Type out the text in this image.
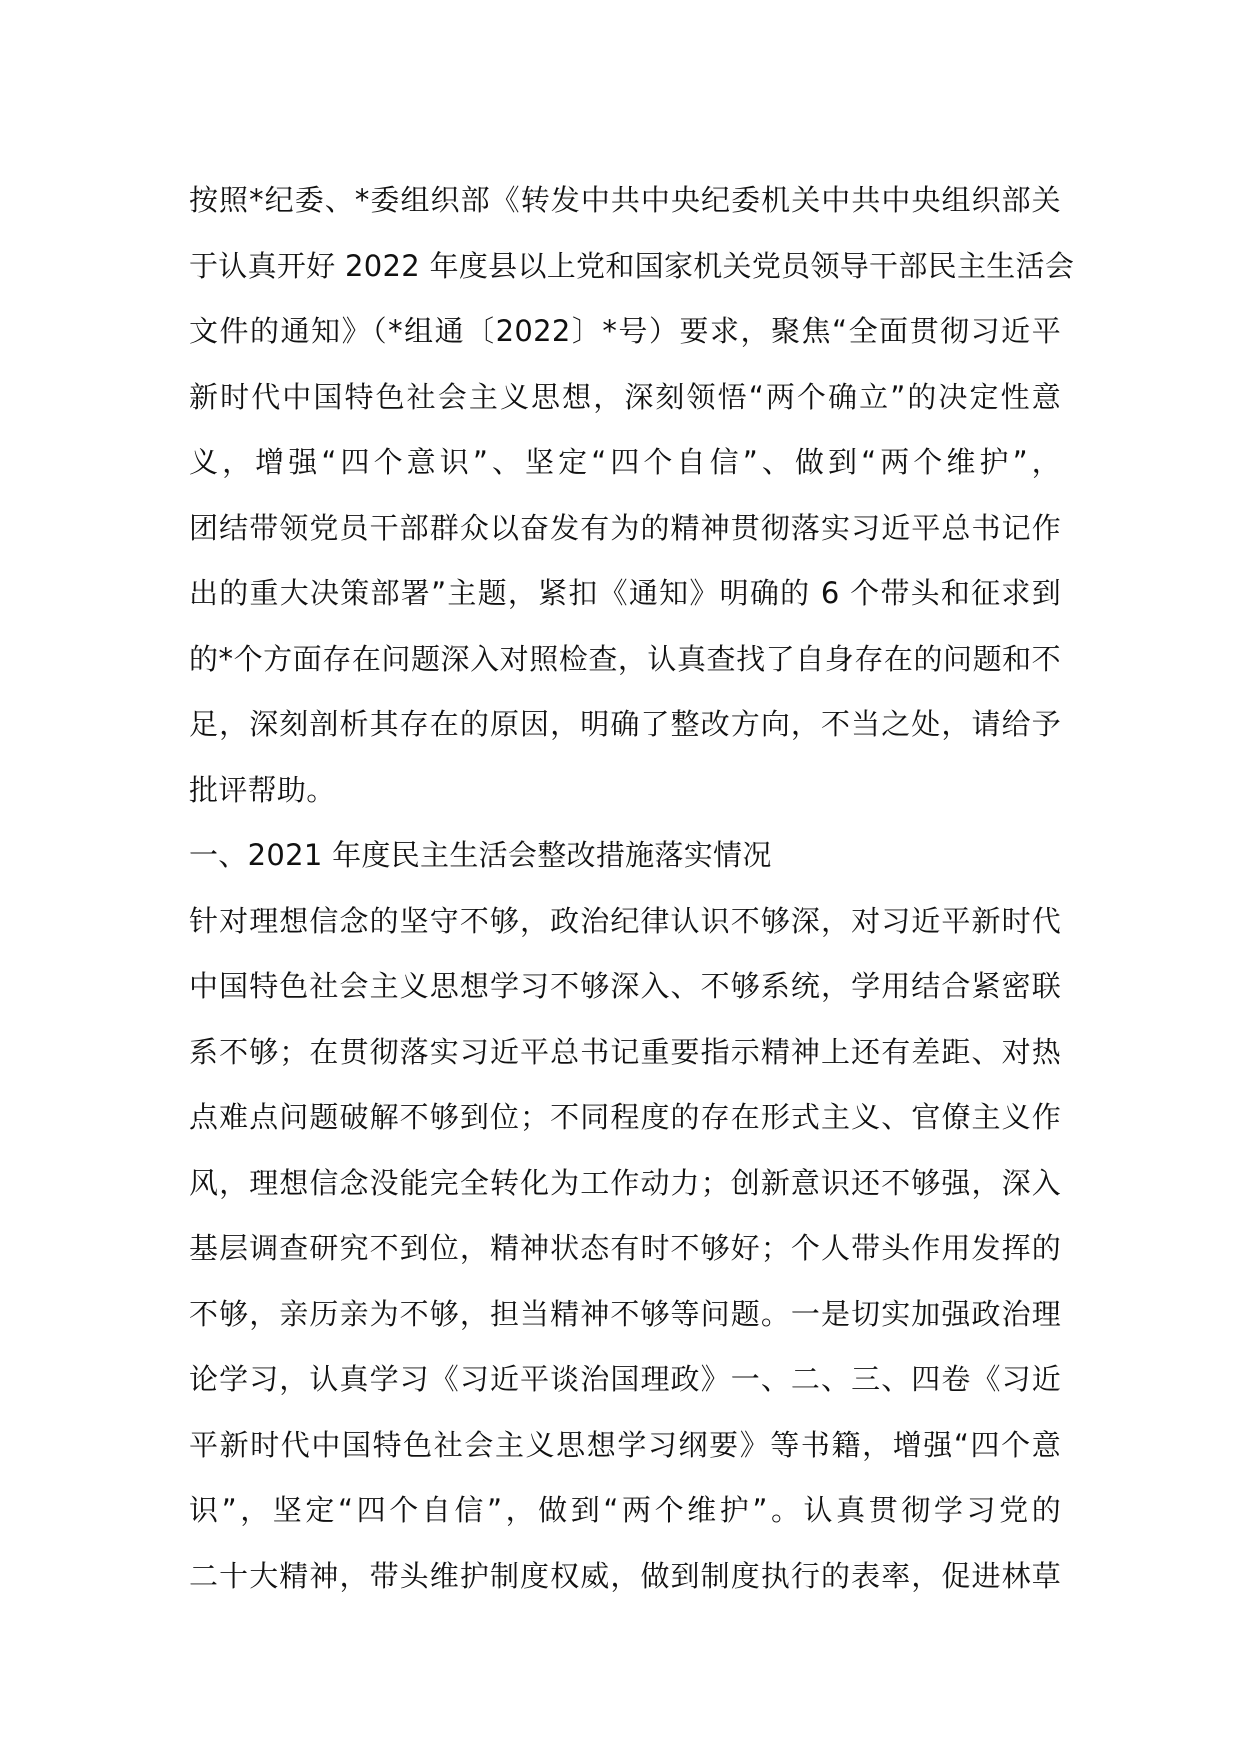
按照*纪委、*委组织部《转发中共中央纪委机关中共中央组织部关
于认真开好 2022 年度县以上党和国家机关党员领导干部民主生活会
文件的通知》（*组通〔2022〕*号）要求，聚焦“全面贯彻习近平
新时代中国特色社会主义思想，深刻领悟“两个确立”的决定性意
义，增强“四个意识”、坚定“四个自信”、做到“两个维护”，
团结带领党员干部群众以奋发有为的精神贯彻落实习近平总书记作
出的重大决策部署”主题，紧扣《通知》明确的 6 个带头和征求到
的*个方面存在问题深入对照检查，认真查找了自身存在的问题和不
足，深刻剖析其存在的原因，明确了整改方向，不当之处，请给予
批评帮助。
一、2021 年度民主生活会整改措施落实情况
针对理想信念的坚守不够，政治纪律认识不够深，对习近平新时代
中国特色社会主义思想学习不够深入、不够系统，学用结合紧密联
系不够；在贯彻落实习近平总书记重要指示精神上还有差距、对热
点难点问题破解不够到位；不同程度的存在形式主义、官僚主义作
风，理想信念没能完全转化为工作动力；创新意识还不够强，深入
基层调查研究不到位，精神状态有时不够好；个人带头作用发挥的
不够，亲历亲为不够，担当精神不够等问题。一是切实加强政治理
论学习，认真学习《习近平谈治国理政》一、二、三、四卷《习近
平新时代中国特色社会主义思想学习纲要》等书籍，增强“四个意
识”，坚定“四个自信”，做到“两个维护”。认真贯彻学习党的
二十大精神，带头维护制度权威，做到制度执行的表率，促进林草
